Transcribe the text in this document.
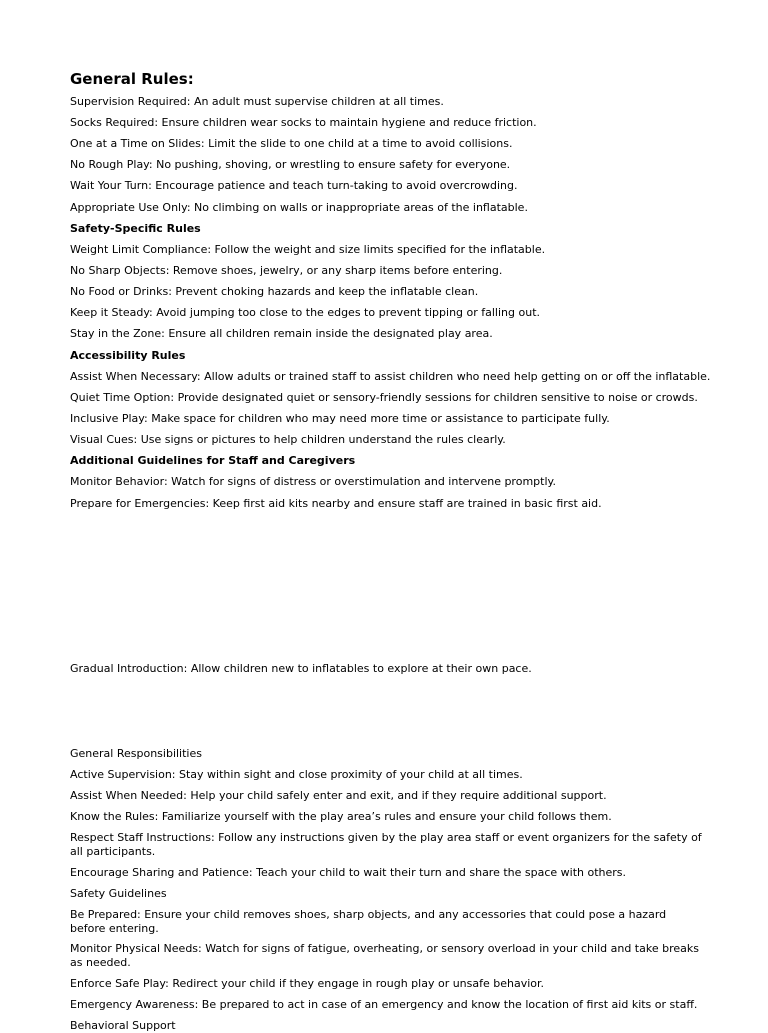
General Rules:

Supervision Required: An adult must supervise children at all times.

Socks Required: Ensure children wear socks to maintain hygiene and reduce friction.

One at a Time on Slides: Limit the slide to one child at a time to avoid collisions.

No Rough Play: No pushing, shoving, or wrestling to ensure safety for everyone.

Wait Your Turn: Encourage patience and teach turn-taking to avoid overcrowding.

Appropriate Use Only: No climbing on walls or inappropriate areas of the inflatable.

Safety-Specific Rules

Weight Limit Compliance: Follow the weight and size limits specified for the inflatable.

No Sharp Objects: Remove shoes, jewelry, or any sharp items before entering.

No Food or Drinks: Prevent choking hazards and keep the inflatable clean.

Keep it Steady: Avoid jumping too close to the edges to prevent tipping or falling out.

Stay in the Zone: Ensure all children remain inside the designated play area.

Accessibility Rules

Assist When Necessary: Allow adults or trained staff to assist children who need help getting on or off the inflatable.

Quiet Time Option: Provide designated quiet or sensory-friendly sessions for children sensitive to noise or crowds.

Inclusive Play: Make space for children who may need more time or assistance to participate fully.

Visual Cues: Use signs or pictures to help children understand the rules clearly.

Additional Guidelines for Staff and Caregivers

Monitor Behavior: Watch for signs of distress or overstimulation and intervene promptly.

Prepare for Emergencies: Keep first aid kits nearby and ensure staff are trained in basic first aid.

Gradual Introduction: Allow children new to inflatables to explore at their own pace.

General Responsibilities

Active Supervision: Stay within sight and close proximity of your child at all times.

Assist When Needed: Help your child safely enter and exit, and if they require additional support.

Know the Rules: Familiarize yourself with the play area’s rules and ensure your child follows them.

Respect Staff Instructions: Follow any instructions given by the play area staff or event organizers for the safety of all participants.

Encourage Sharing and Patience: Teach your child to wait their turn and share the space with others.

Safety Guidelines

Be Prepared: Ensure your child removes shoes, sharp objects, and any accessories that could pose a hazard before entering.

Monitor Physical Needs: Watch for signs of fatigue, overheating, or sensory overload in your child and take breaks as needed.

Enforce Safe Play: Redirect your child if they engage in rough play or unsafe behavior.

Emergency Awareness: Be prepared to act in case of an emergency and know the location of first aid kits or staff.

Behavioral Support
